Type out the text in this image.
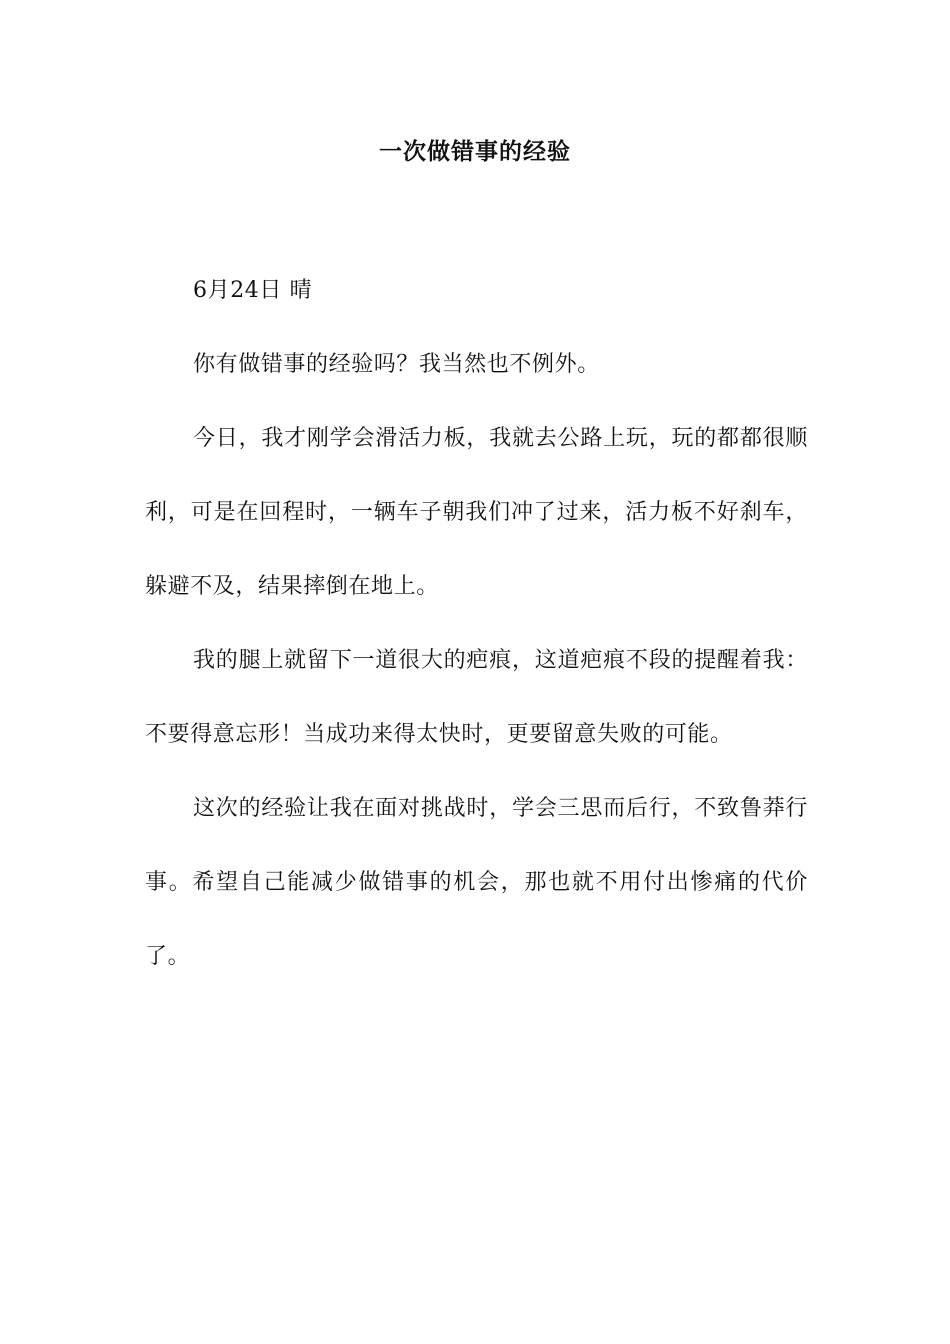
一次做错事的经验

6月24日 晴

你有做错事的经验吗？我当然也不例外。

今日，我才刚学会滑活力板，我就去公路上玩，玩的都都很顺利，可是在回程时，一辆车子朝我们冲了过来，活力板不好刹车，躲避不及，结果摔倒在地上。

我的腿上就留下一道很大的疤痕，这道疤痕不段的提醒着我：不要得意忘形！当成功来得太快时，更要留意失败的可能。

这次的经验让我在面对挑战时，学会三思而后行，不致鲁莽行事。希望自己能减少做错事的机会，那也就不用付出惨痛的代价了。
